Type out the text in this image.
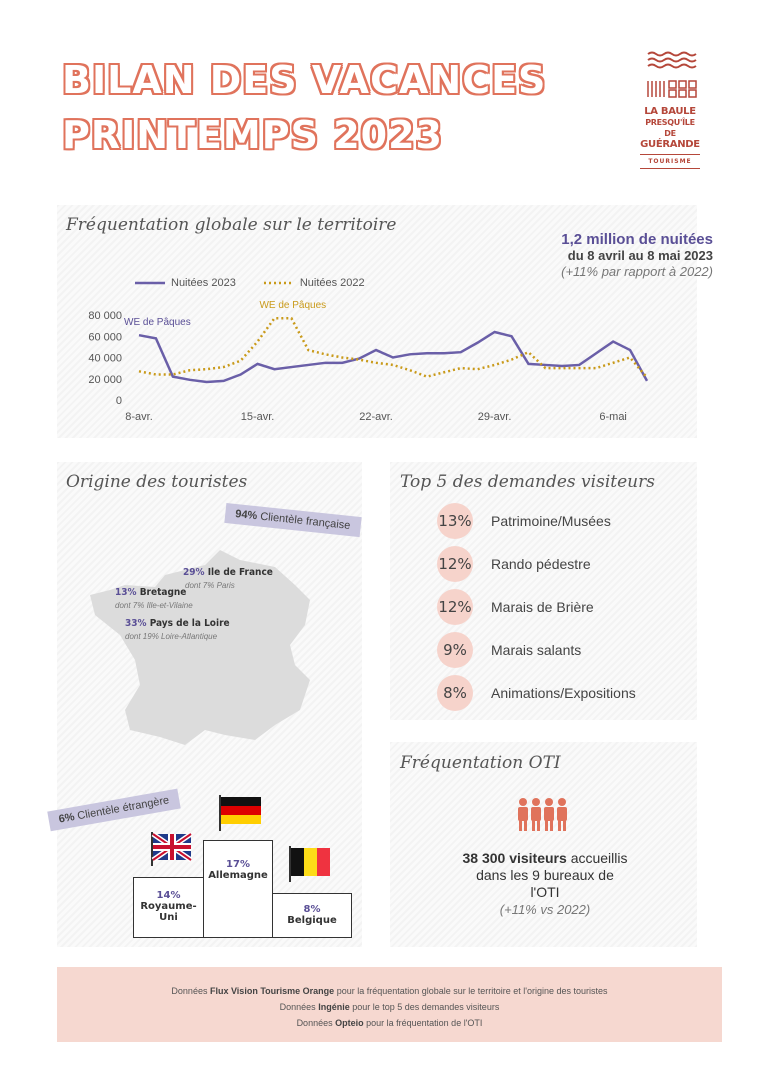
BILAN DES VACANCES
PRINTEMPS 2023

LA BAULE
PRESQU'ÎLE DE
GUÉRANDE
TOURISME
Fréquentation globale sur le territoire
1,2 million de nuitées
du 8 avril au 8 mai 2023
(+11% par rapport à 2022)
Nuitées 2023	Nuitées 2022
0
20 000
40 000
60 000
80 000
8-avr.	15-avr.	22-avr.	29-avr.	6-mai
WE de Pâques
WE de Pâques
Origine des touristes
94% Clientèle française
29% Ile de France
dont 7% Paris
13% Bretagne
dont 7% Ille-et-Vilaine
33% Pays de la Loire
dont 19% Loire-Atlantique
6% Clientèle étrangère
17%
Allemagne
14%
Royaume-Uni
8%
Belgique
Top 5 des demandes visiteurs
13% Patrimoine/Musées
12% Rando pédestre
12% Marais de Brière
9%	Marais salants
8%	Animations/Expositions
Fréquentation OTI
38 300 visiteurs accueillis
dans les 9 bureaux de
l'OTI
(+11% vs 2022)
Données Flux Vision Tourisme Orange pour la fréquentation globale sur le territoire et l'origine des touristes
Données Ingénie pour le top 5 des demandes visiteurs
Données Opteio pour la fréquentation de l'OTI
